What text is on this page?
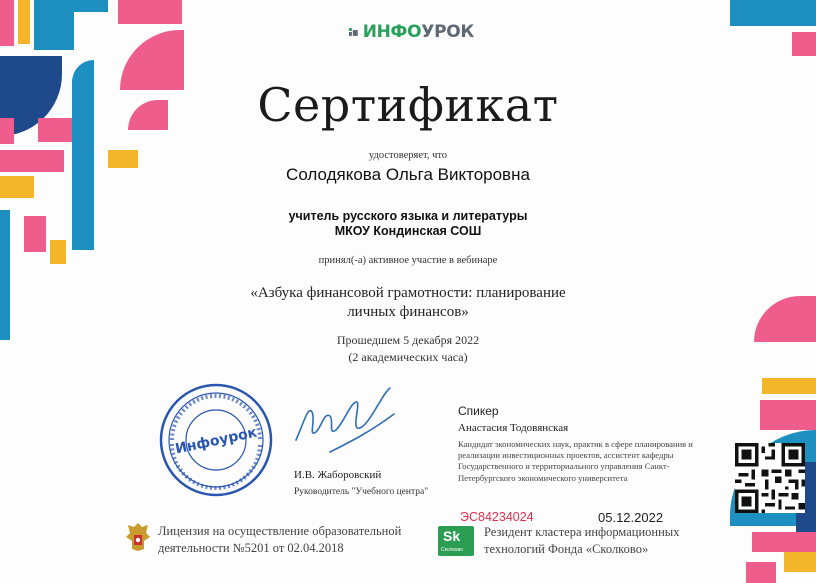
ИНФОУРОК
Сертификат
удостоверяет, что
Солодякова Ольга Викторовна
учитель русского языка и литературы
МКОУ Кондинская СОШ
принял(-а) активное участие в вебинаре
«Азбука финансовой грамотности: планирование
личных финансов»
Прошедшем 5 декабря 2022
(2 академических часа)
Инфоурок
И.В. Жаборовский
Руководитель "Учебного центра"
Спикер
Анастасия Тодовянская
Кандидат экономических наук, практик в сфере планирования и реализации инвестиционных проектов, ассистент кафедры Государственного и территориального управления Санкт-Петербургского экономического университета
ЭС84234024	05.12.2022
Лицензия на осуществление образовательной
деятельности №5201 от 02.04.2018
Sk
Сколково
Резидент кластера информационных
технологий Фонда «Сколково»
